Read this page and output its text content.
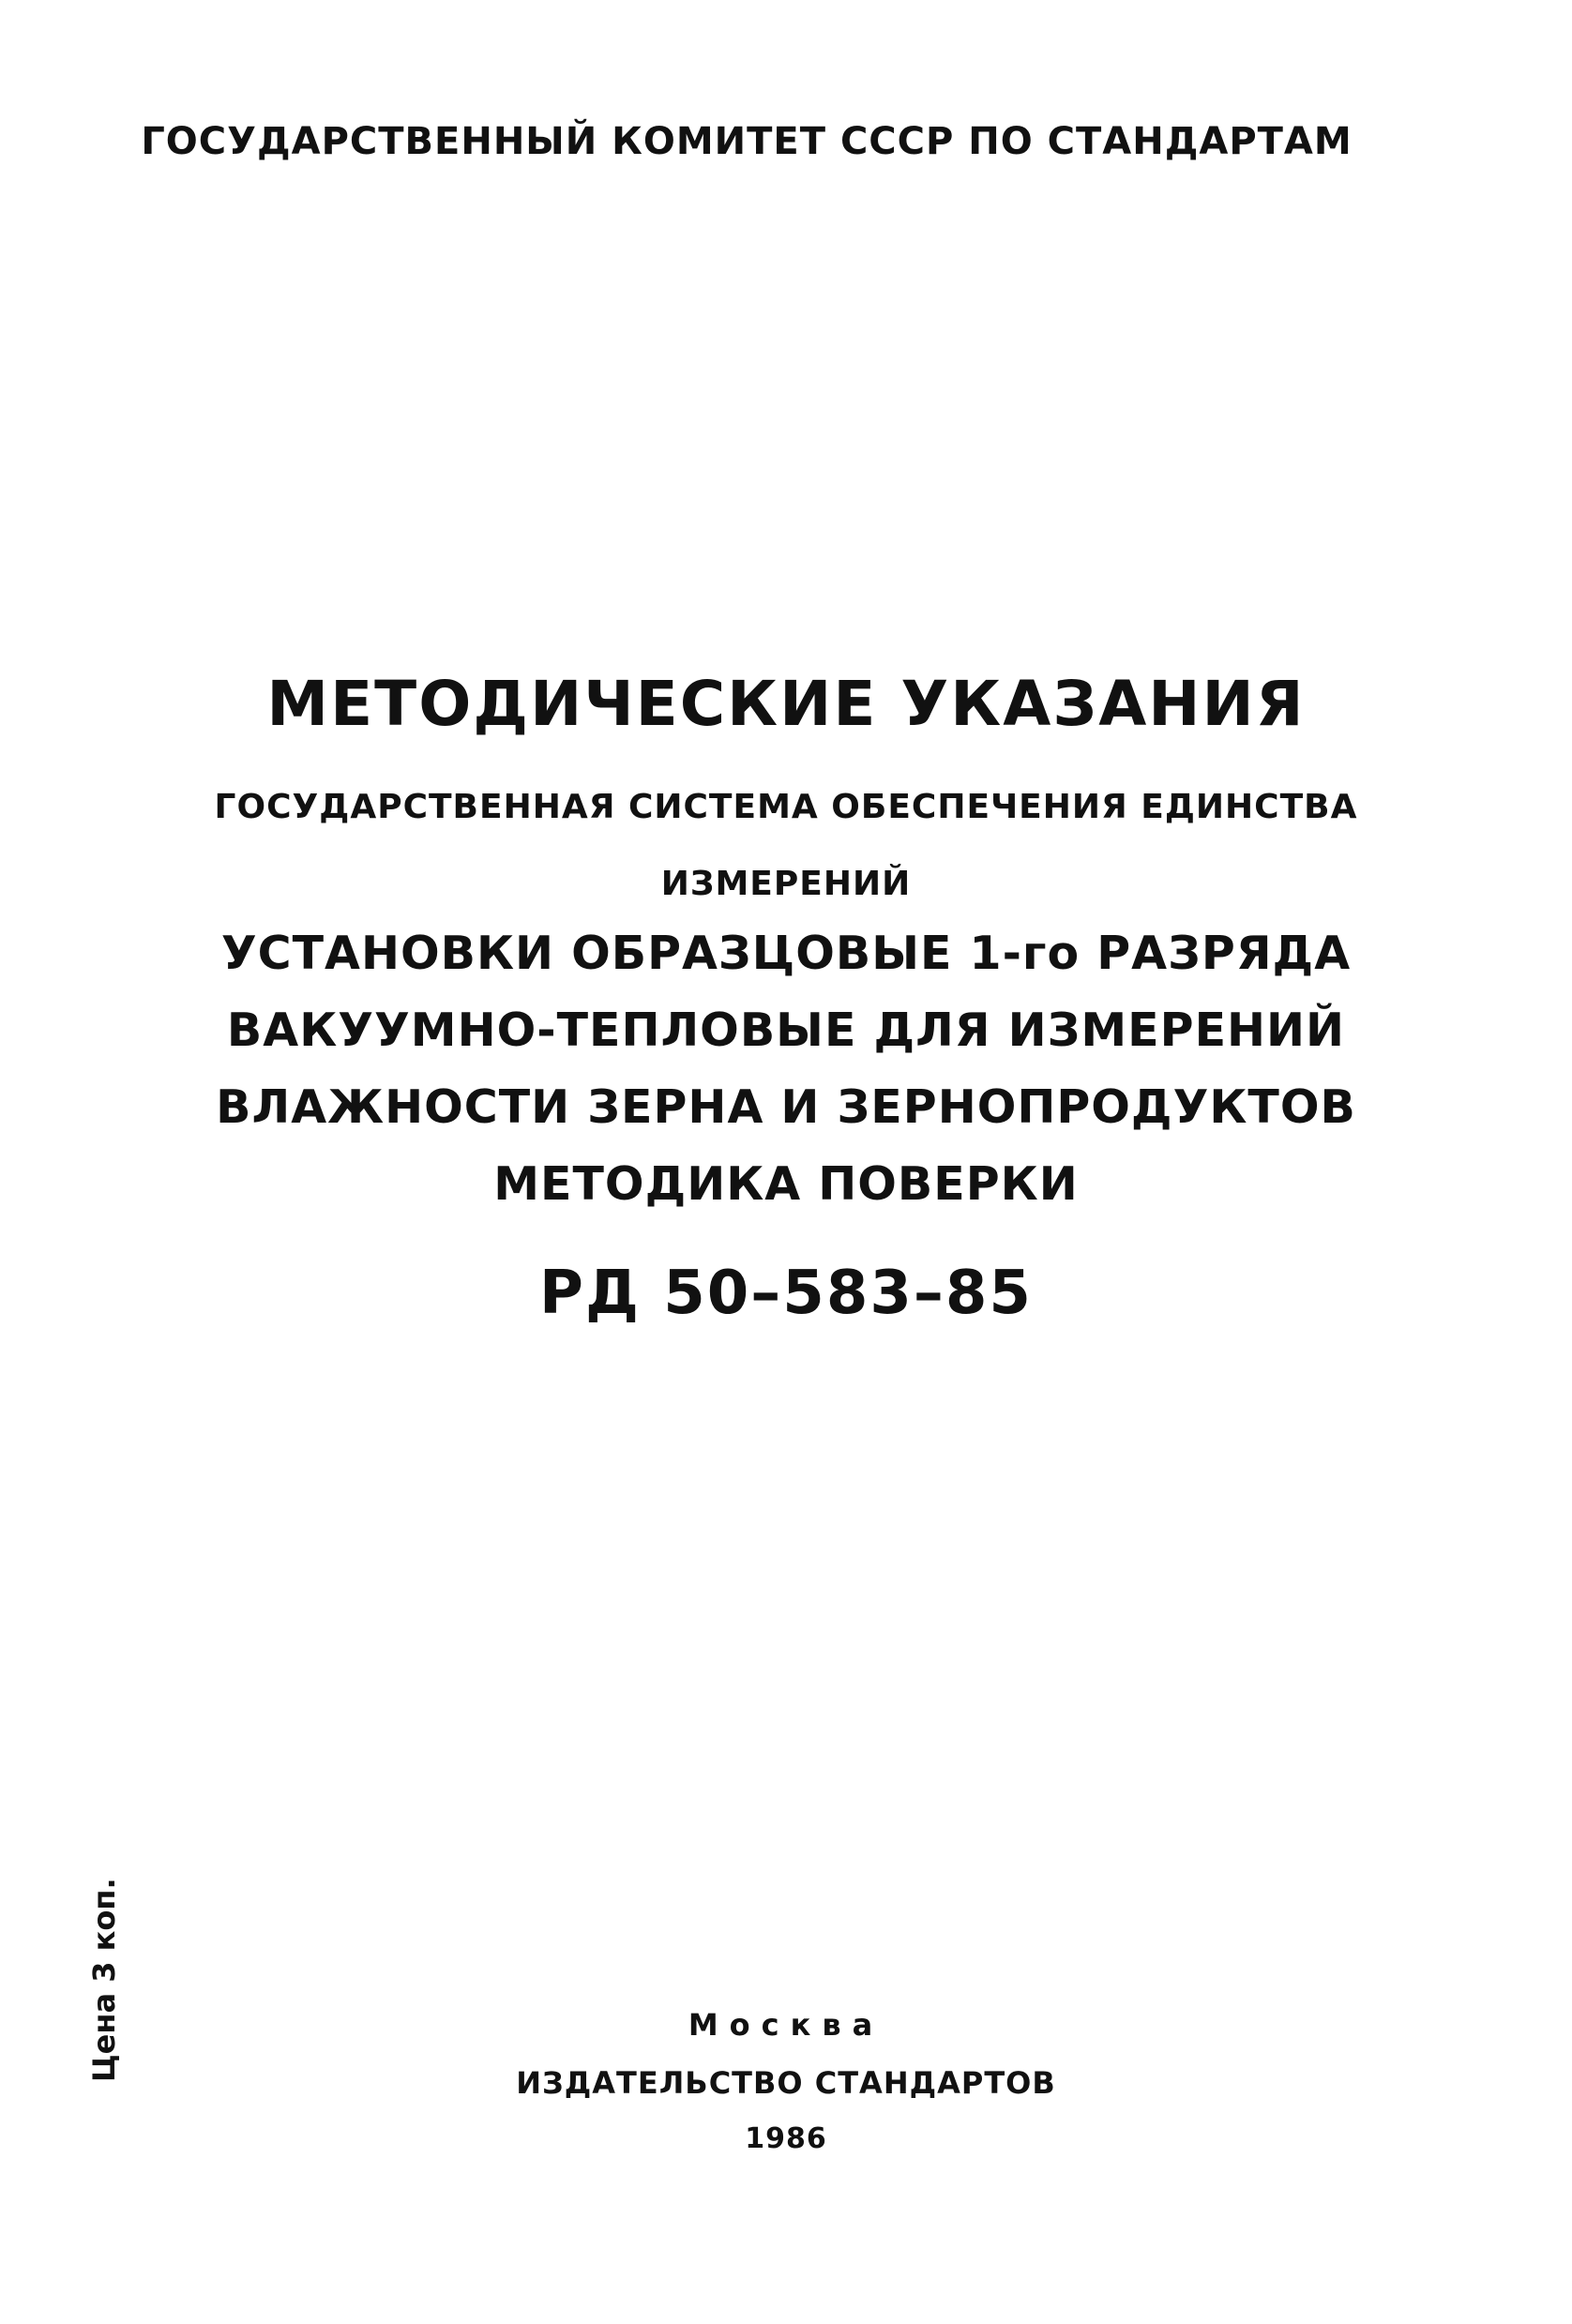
ГОСУДАРСТВЕННЫЙ КОМИТЕТ СССР ПО СТАНДАРТАМ

МЕТОДИЧЕСКИЕ УКАЗАНИЯ

ГОСУДАРСТВЕННАЯ СИСТЕМА ОБЕСПЕЧЕНИЯ ЕДИНСТВА

ИЗМЕРЕНИЙ

УСТАНОВКИ ОБРАЗЦОВЫЕ 1-го РАЗРЯДА

ВАКУУМНО-ТЕПЛОВЫЕ ДЛЯ ИЗМЕРЕНИЙ

ВЛАЖНОСТИ ЗЕРНА И ЗЕРНОПРОДУКТОВ

МЕТОДИКА ПОВЕРКИ

РД 50–583–85

Цена 3 коп.	Москва

ИЗДАТЕЛЬСТВО СТАНДАРТОВ

1986
